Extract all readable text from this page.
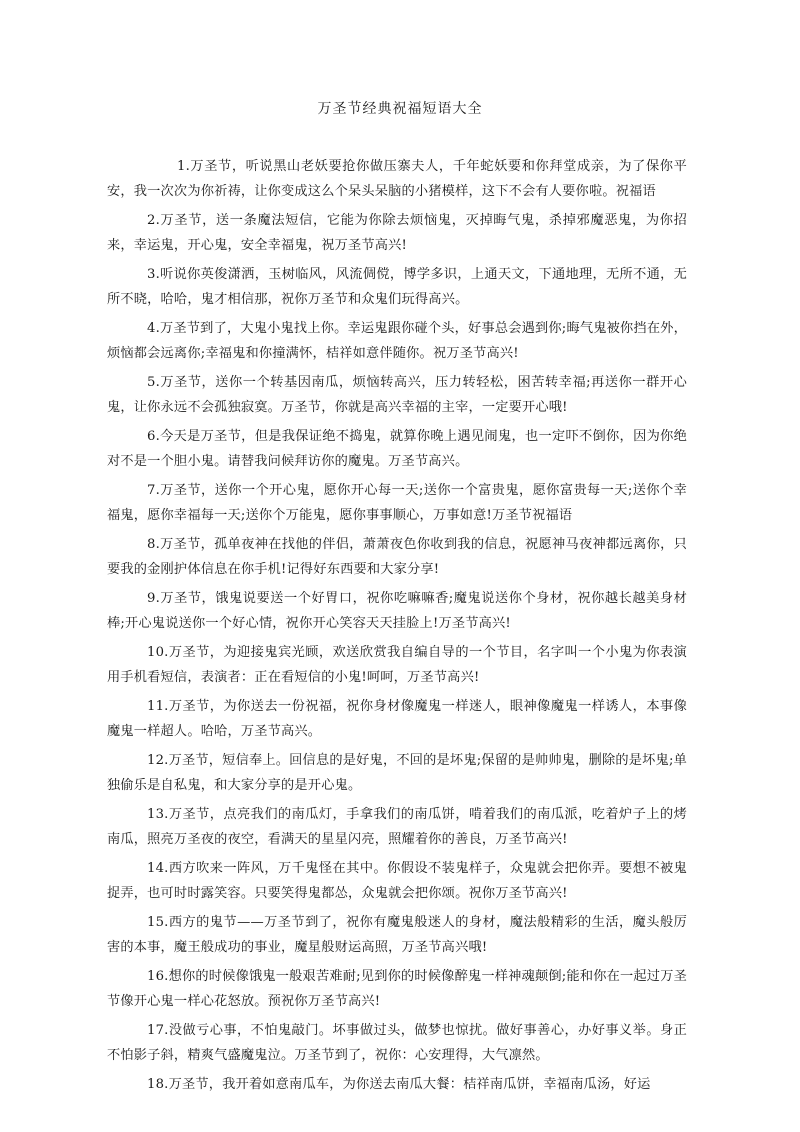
万圣节经典祝福短语大全

1.万圣节，听说黑山老妖要抢你做压寨夫人，千年蛇妖要和你拜堂成亲，为了保你平安，我一次次为你祈祷，让你变成这么个呆头呆脑的小猪模样，这下不会有人要你啦。祝福语

2.万圣节，送一条魔法短信，它能为你除去烦恼鬼，灭掉晦气鬼，杀掉邪魔恶鬼，为你招来，幸运鬼，开心鬼，安全幸福鬼，祝万圣节高兴!

3.听说你英俊潇洒，玉树临风，风流倜傥，博学多识，上通天文，下通地理，无所不通，无所不晓，哈哈，鬼才相信那，祝你万圣节和众鬼们玩得高兴。

4.万圣节到了，大鬼小鬼找上你。幸运鬼跟你碰个头，好事总会遇到你;晦气鬼被你挡在外，烦恼都会远离你;幸福鬼和你撞满怀，桔祥如意伴随你。祝万圣节高兴!

5.万圣节，送你一个转基因南瓜，烦恼转高兴，压力转轻松，困苦转幸福;再送你一群开心鬼，让你永远不会孤独寂寞。万圣节，你就是高兴幸福的主宰，一定要开心哦!

6.今天是万圣节，但是我保证绝不捣鬼，就算你晚上遇见闹鬼，也一定吓不倒你，因为你绝对不是一个胆小鬼。请替我问候拜访你的魔鬼。万圣节高兴。

7.万圣节，送你一个开心鬼，愿你开心每一天;送你一个富贵鬼，愿你富贵每一天;送你个幸福鬼，愿你幸福每一天;送你个万能鬼，愿你事事顺心，万事如意!万圣节祝福语

8.万圣节，孤单夜神在找他的伴侣，萧萧夜色你收到我的信息，祝愿神马夜神都远离你，只要我的金刚护体信息在你手机!记得好东西要和大家分享!

9.万圣节，饿鬼说要送一个好胃口，祝你吃嘛嘛香;魔鬼说送你个身材，祝你越长越美身材棒;开心鬼说送你一个好心情，祝你开心笑容天天挂脸上!万圣节高兴!

10.万圣节，为迎接鬼宾光顾，欢送欣赏我自编自导的一个节目，名字叫一个小鬼为你表演用手机看短信，表演者：正在看短信的小鬼!呵呵，万圣节高兴!

11.万圣节，为你送去一份祝福，祝你身材像魔鬼一样迷人，眼神像魔鬼一样诱人，本事像魔鬼一样超人。哈哈，万圣节高兴。

12.万圣节，短信奉上。回信息的是好鬼，不回的是坏鬼;保留的是帅帅鬼，删除的是坏鬼;单独偷乐是自私鬼，和大家分享的是开心鬼。

13.万圣节，点亮我们的南瓜灯，手拿我们的南瓜饼，啃着我们的南瓜派，吃着炉子上的烤南瓜，照亮万圣夜的夜空，看满天的星星闪亮，照耀着你的善良，万圣节高兴!

14.西方吹来一阵风，万千鬼怪在其中。你假设不装鬼样子，众鬼就会把你弄。要想不被鬼捉弄，也可时时露笑容。只要笑得鬼都怂，众鬼就会把你颂。祝你万圣节高兴!

15.西方的鬼节——万圣节到了，祝你有魔鬼般迷人的身材，魔法般精彩的生活，魔头般厉害的本事，魔王般成功的事业，魔星般财运高照，万圣节高兴哦!

16.想你的时候像饿鬼一般艰苦难耐;见到你的时候像醉鬼一样神魂颠倒;能和你在一起过万圣节像开心鬼一样心花怒放。预祝你万圣节高兴!

17.没做亏心事，不怕鬼敲门。坏事做过头，做梦也惊扰。做好事善心，办好事义举。身正不怕影子斜，精爽气盛魔鬼泣。万圣节到了，祝你：心安理得，大气凛然。

18.万圣节，我开着如意南瓜车，为你送去南瓜大餐：桔祥南瓜饼，幸福南瓜汤，好运
